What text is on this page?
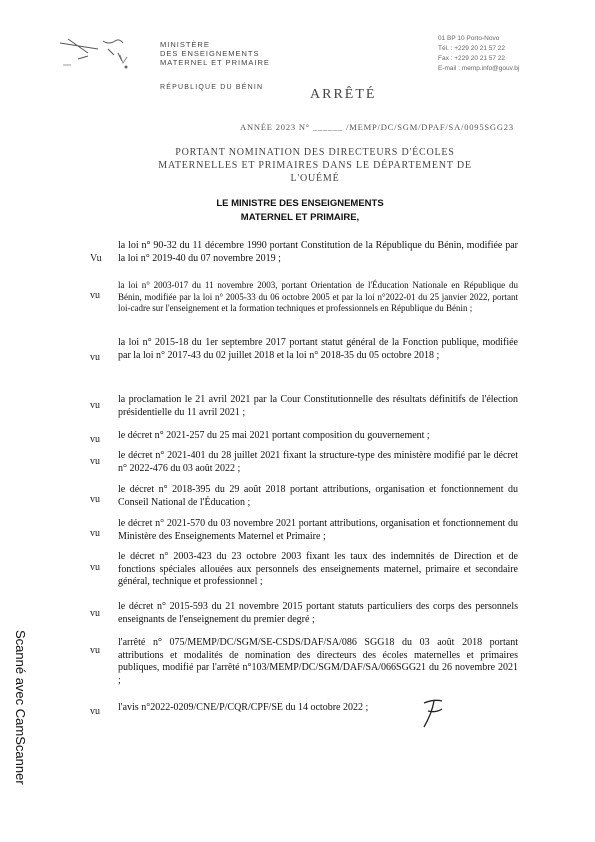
MINISTÈRE
DES ENSEIGNEMENTS
MATERNEL ET PRIMAIRE
RÉPUBLIQUE DU BÉNIN
01 BP 10 Porto-Novo
Tél. : +229 20 21 57 22
Fax : +229 20 21 57 22
E-mail : memp.info@gouv.bj
ARRÊTÉ
ANNÉE 2023 N° ______ /MEMP/DC/SGM/DPAF/SA/0095SGG23
PORTANT NOMINATION DES DIRECTEURS D'ÉCOLES MATERNELLES ET PRIMAIRES DANS LE DÉPARTEMENT DE L'OUÉMÉ
LE MINISTRE DES ENSEIGNEMENTS
MATERNEL ET PRIMAIRE,
Vu
la loi n° 90-32 du 11 décembre 1990 portant Constitution de la République du Bénin, modifiée par la loi n° 2019-40 du 07 novembre 2019 ;
vu
la loi n° 2003-017 du 11 novembre 2003, portant Orientation de l'Éducation Nationale en République du Bénin, modifiée par la loi n° 2005-33 du 06 octobre 2005 et par la loi n°2022-01 du 25 janvier 2022, portant loi-cadre sur l'enseignement et la formation techniques et professionnels en République du Bénin ;
vu
la loi n° 2015-18 du 1er septembre 2017 portant statut général de la Fonction publique, modifiée par la loi n° 2017-43 du 02 juillet 2018 et la loi n° 2018-35 du 05 octobre 2018 ;
vu
la proclamation le 21 avril 2021 par la Cour Constitutionnelle des résultats définitifs de l'élection présidentielle du 11 avril 2021 ;
vu le décret n° 2021-257 du 25 mai 2021 portant composition du gouvernement ;
vu
le décret n° 2021-401 du 28 juillet 2021 fixant la structure-type des ministère modifié par le décret n° 2022-476 du 03 août 2022 ;
vu
le décret n° 2018-395 du 29 août 2018 portant attributions, organisation et fonctionnement du Conseil National de l'Éducation ;
vu
le décret n° 2021-570 du 03 novembre 2021 portant attributions, organisation et fonctionnement du Ministère des Enseignements Maternel et Primaire ;
vu
le décret n° 2003-423 du 23 octobre 2003 fixant les taux des indemnités de Direction et de fonctions spéciales allouées aux personnels des enseignements maternel, primaire et secondaire général, technique et professionnel ;
vu
le décret n° 2015-593 du 21 novembre 2015 portant statuts particuliers des corps des personnels enseignants de l'enseignement du premier degré ;
vu
l'arrêté n° 075/MEMP/DC/SGM/SE-CSDS/DAF/SA/086 SGG18 du 03 août 2018 portant attributions et modalités de nomination des directeurs des écoles maternelles et primaires publiques, modifié par l'arrêté n°103/MEMP/DC/SGM/DAF/SA/066SGG21 du 26 novembre 2021 ;
vu l'avis n°2022-0209/CNE/P/CQR/CPF/SE du 14 octobre 2022 ;
Scanné avec CamScanner
